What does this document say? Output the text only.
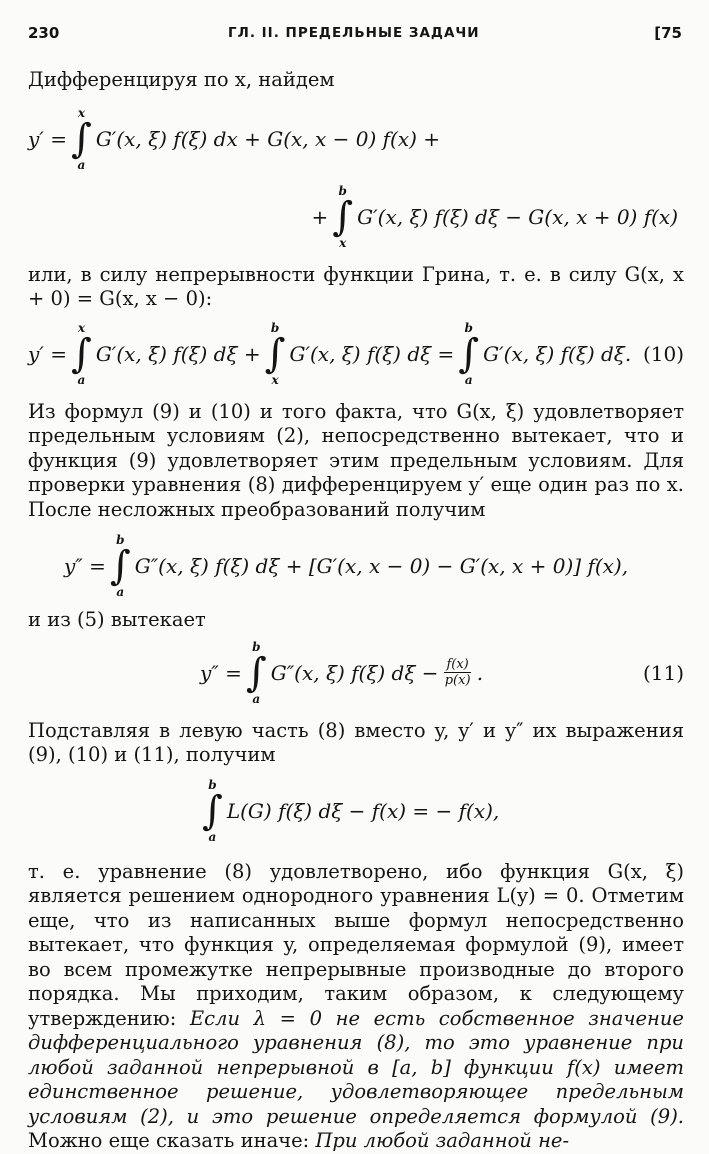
230	ГЛ. II. ПРЕДЕЛЬНЫЕ ЗАДАЧИ	[75

Дифференцируя по x, найдем

y′ =
x
∫
a
G′(x, ξ) f(ξ) dx + G(x, x − 0) f(x) +
+
b
∫
x
G′(x, ξ) f(ξ) dξ − G(x, x + 0) f(x)

или, в силу непрерывности функции Грина, т. е. в силу G(x, x + 0) = G(x, x − 0):

y′ =
x
∫
a
G′(x, ξ) f(ξ) dξ +
b
∫
x
G′(x, ξ) f(ξ) dξ =
b
∫
a
G′(x, ξ) f(ξ) dξ. (10)

Из формул (9) и (10) и того факта, что G(x, ξ) удовлетворяет предельным условиям (2), непосредственно вытекает, что и функция (9) удовлетворяет этим предельным условиям. Для проверки уравнения (8) дифференцируем y′ еще один раз по x. После несложных преобразований получим

y″ =
b
∫
a
G″(x, ξ) f(ξ) dξ + [G′(x, x − 0) − G′(x, x + 0)] f(x),

и из (5) вытекает

y″ =
b
∫
a
G″(x, ξ) f(ξ) $d\xi - \frac{f(x)}{p(x)}$ .	(11)

Подставляя в левую часть (8) вместо y, y′ и y″ их выражения (9), (10) и (11), получим

b
∫
a
L(G) f(ξ) dξ − f(x) = − f(x),

т. е. уравнение (8) удовлетворено, ибо функция G(x, ξ) является решением однородного уравнения L(y) = 0. Отметим еще, что из написанных выше формул непосредственно вытекает, что функция y, определяемая формулой (9), имеет во всем промежутке непрерывные производные до второго порядка. Мы приходим, таким образом, к следующему утверждению: Если λ = 0 не есть собственное значение дифференциального уравнения (8), то это уравнение при любой заданной непрерывной в [a, b] функции f(x) имеет единственное решение, удовлетворяющее предельным условиям (2), и это решение определяется формулой (9). Можно еще сказать иначе: При любой заданной не-
